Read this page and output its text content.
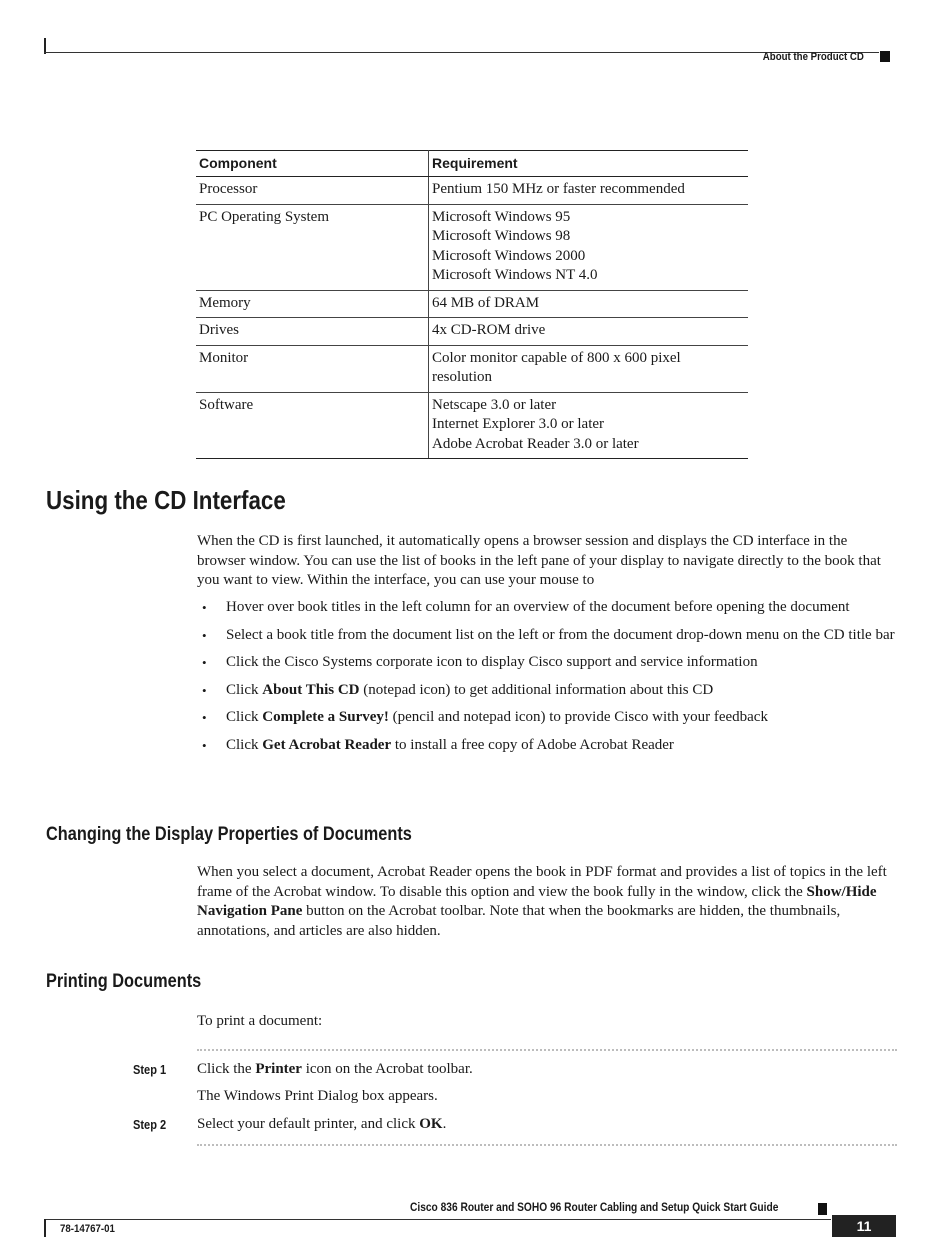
About the Product CD
Component	Requirement
Processor	Pentium 150 MHz or faster recommended

PC Operating System	Microsoft Windows 95
Microsoft Windows 98
Microsoft Windows 2000
Microsoft Windows NT 4.0

Memory	64 MB of DRAM

Drives	4x CD-ROM drive

Monitor	Color monitor capable of 800 x 600 pixel
resolution

Software	Netscape 3.0 or later
Internet Explorer 3.0 or later
Adobe Acrobat Reader 3.0 or later
Using the CD Interface
When the CD is first launched, it automatically opens a browser session and displays the CD interface in the browser window. You can use the list of books in the left pane of your display to navigate directly to the book that you want to view. Within the interface, you can use your mouse to
• Hover over book titles in the left column for an overview of the document before opening the document
• Select a book title from the document list on the left or from the document drop-down menu on the CD title bar
• Click the Cisco Systems corporate icon to display Cisco support and service information
• Click About This CD (notepad icon) to get additional information about this CD
• Click Complete a Survey! (pencil and notepad icon) to provide Cisco with your feedback
• Click Get Acrobat Reader to install a free copy of Adobe Acrobat Reader
Changing the Display Properties of Documents
When you select a document, Acrobat Reader opens the book in PDF format and provides a list of topics in the left frame of the Acrobat window. To disable this option and view the book fully in the window, click the Show/Hide Navigation Pane button on the Acrobat toolbar. Note that when the bookmarks are hidden, the thumbnails, annotations, and articles are also hidden.
Printing Documents
To print a document:
Step 1 Click the Printer icon on the Acrobat toolbar.
The Windows Print Dialog box appears.
Step 2 Select your default printer, and click OK.
Cisco 836 Router and SOHO 96 Router Cabling and Setup Quick Start Guide
78-14767-01	11
